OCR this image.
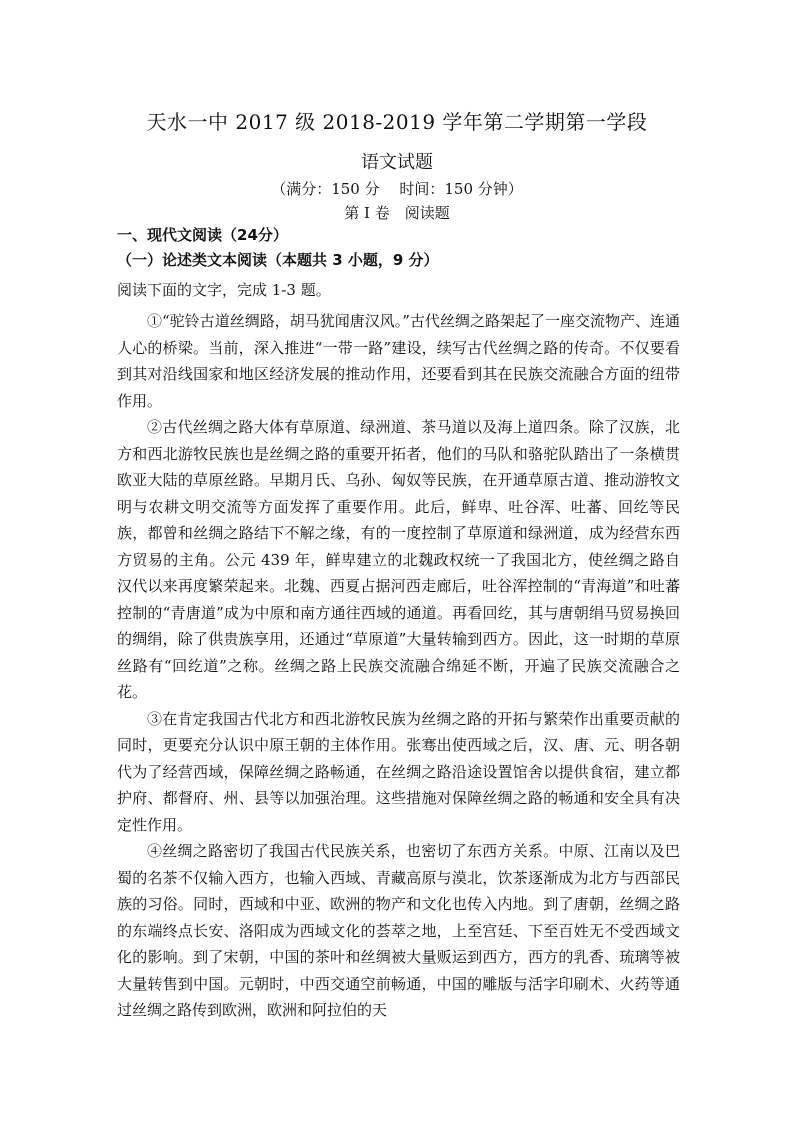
天水一中 2017 级 2018-2019 学年第二学期第一学段
语文试题
（满分：150 分　 时间：150 分钟）
第 I 卷　阅读题
一、现代文阅读（24分）
（一）论述类文本阅读（本题共 3 小题，9 分）
阅读下面的文字，完成 1-3 题。

①“驼铃古道丝绸路，胡马犹闻唐汉风。”古代丝绸之路架起了一座交流物产、连通人心的桥梁。当前，深入推进“一带一路”建设，续写古代丝绸之路的传奇。不仅要看到其对沿线国家和地区经济发展的推动作用，还要看到其在民族交流融合方面的纽带作用。

②古代丝绸之路大体有草原道、绿洲道、茶马道以及海上道四条。除了汉族，北方和西北游牧民族也是丝绸之路的重要开拓者，他们的马队和骆驼队踏出了一条横贯欧亚大陆的草原丝路。早期月氏、乌孙、匈奴等民族，在开通草原古道、推动游牧文明与农耕文明交流等方面发挥了重要作用。此后，鲜卑、吐谷浑、吐蕃、回纥等民族，都曾和丝绸之路结下不解之缘，有的一度控制了草原道和绿洲道，成为经营东西方贸易的主角。公元 439 年，鲜卑建立的北魏政权统一了我国北方，使丝绸之路自汉代以来再度繁荣起来。北魏、西夏占据河西走廊后，吐谷浑控制的“青海道”和吐蕃控制的“青唐道”成为中原和南方通往西域的通道。再看回纥，其与唐朝绢马贸易换回的绸绢，除了供贵族享用，还通过“草原道”大量转输到西方。因此，这一时期的草原丝路有“回纥道”之称。丝绸之路上民族交流融合绵延不断，开遍了民族交流融合之花。

③在肯定我国古代北方和西北游牧民族为丝绸之路的开拓与繁荣作出重要贡献的同时，更要充分认识中原王朝的主体作用。张骞出使西域之后，汉、唐、元、明各朝代为了经营西域，保障丝绸之路畅通，在丝绸之路沿途设置馆舍以提供食宿，建立都护府、都督府、州、县等以加强治理。这些措施对保障丝绸之路的畅通和安全具有决定性作用。

④丝绸之路密切了我国古代民族关系，也密切了东西方关系。中原、江南以及巴蜀的名茶不仅输入西方，也输入西域、青藏高原与漠北，饮茶逐渐成为北方与西部民族的习俗。同时，西域和中亚、欧洲的物产和文化也传入内地。到了唐朝，丝绸之路的东端终点长安、洛阳成为西域文化的荟萃之地，上至宫廷、下至百姓无不受西域文化的影响。到了宋朝，中国的茶叶和丝绸被大量贩运到西方，西方的乳香、琉璃等被大量转售到中国。元朝时，中西交通空前畅通，中国的雕版与活字印刷术、火药等通过丝绸之路传到欧洲，欧洲和阿拉伯的天
